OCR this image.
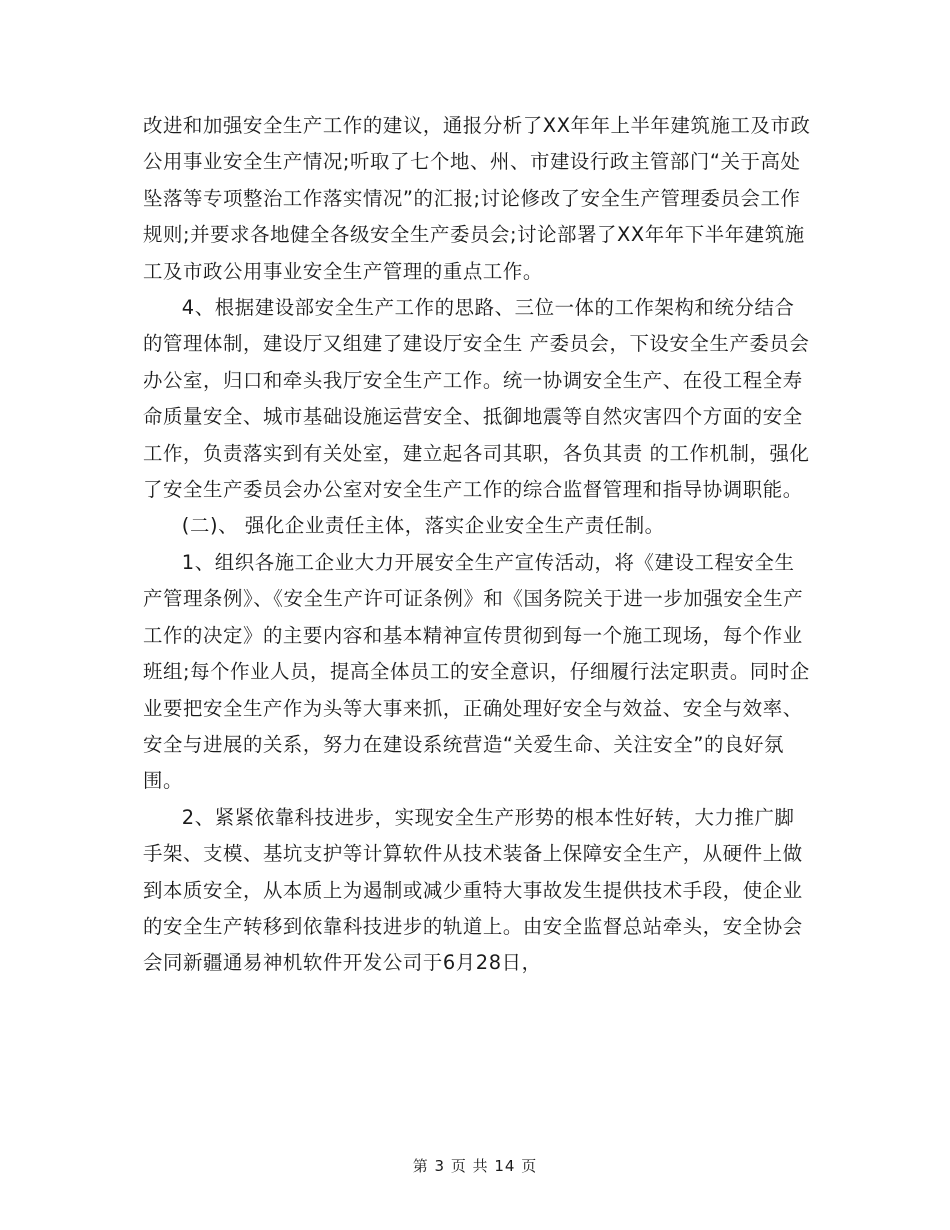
改进和加强安全生产工作的建议，通报分析了XX年年上半年建筑施工及市政公用事业安全生产情况;听取了七个地、州、市建设行政主管部门“关于高处坠落等专项整治工作落实情况”的汇报;讨论修改了安全生产管理委员会工作规则;并要求各地健全各级安全生产委员会;讨论部署了XX年年下半年建筑施工及市政公用事业安全生产管理的重点工作。

4、根据建设部安全生产工作的思路、三位一体的工作架构和统分结合的管理体制，建设厅又组建了建设厅安全生 产委员会，下设安全生产委员会办公室，归口和牵头我厅安全生产工作。统一协调安全生产、在役工程全寿命质量安全、城市基础设施运营安全、抵御地震等自然灾害四个方面的安全工作，负责落实到有关处室，建立起各司其职，各负其责 的工作机制，强化了安全生产委员会办公室对安全生产工作的综合监督管理和指导协调职能。

(二)、 强化企业责任主体，落实企业安全生产责任制。

1、组织各施工企业大力开展安全生产宣传活动，将《建设工程安全生产管理条例》、《安全生产许可证条例》和《国务院关于进一步加强安全生产工作的决定》的主要内容和基本精神宣传贯彻到每一个施工现场，每个作业班组;每个作业人员，提高全体员工的安全意识，仔细履行法定职责。同时企业要把安全生产作为头等大事来抓，正确处理好安全与效益、安全与效率、安全与进展的关系，努力在建设系统营造“关爱生命、关注安全”的良好氛围。

2、紧紧依靠科技进步，实现安全生产形势的根本性好转，大力推广脚手架、支模、基坑支护等计算软件从技术装备上保障安全生产，从硬件上做到本质安全，从本质上为遏制或减少重特大事故发生提供技术手段，使企业的安全生产转移到依靠科技进步的轨道上。由安全监督总站牵头，安全协会会同新疆通易神机软件开发公司于6月28日，

第 3 页 共 14 页
